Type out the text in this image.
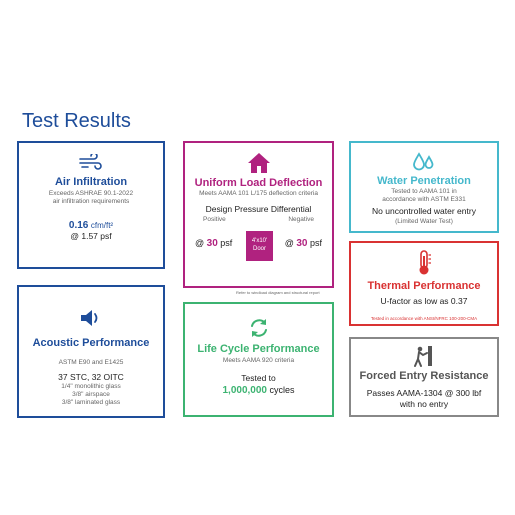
Test Results
Air Infiltration
Exceeds ASHRAE 90.1-2022
air infiltration requirements
0.16 cfm/ft²
@ 1.57 psf
Acoustic Performance
ASTM E90 and E1425
37 STC, 32 OITC
1/4" monolithic glass
3/8" airspace
3/8" laminated glass
Uniform Load Deflection
Meets AAMA 101 L/175 deflection criteria
Design Pressure Differential
Positive	Negative
@ 30 psf	4'x10'
Door
@ 30 psf
Refer to windload diagram and structural report
Life Cycle Performance
Meets AAMA 920 criteria
Tested to
1,000,000 cycles
Water Penetration
Tested to AAMA 101 in
accordance with ASTM E331
No uncontrolled water entry
(Limited Water Test)
Thermal Performance
U-factor as low as 0.37
Tested in accordance with ANSI/NFRC 100-200-CMA
Forced Entry Resistance
Passes AAMA-1304 @ 300 lbf
with no entry
